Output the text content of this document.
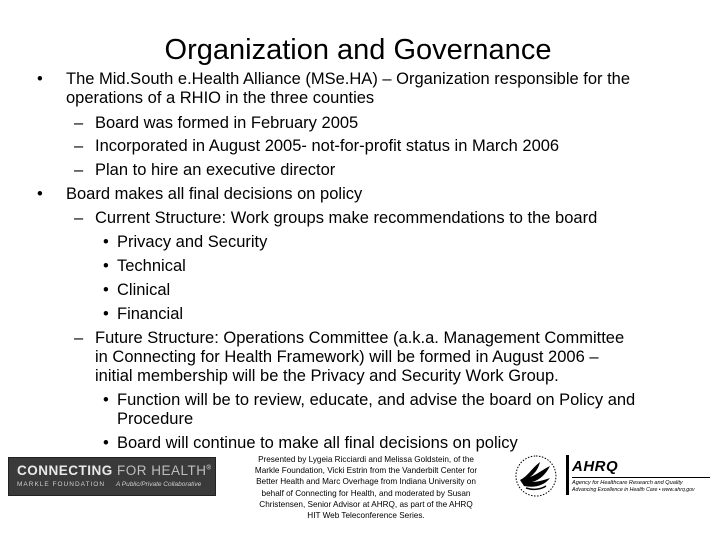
Organization and Governance
• The Mid.South e.Health Alliance (MSe.HA) – Organization responsible for the
operations of a RHIO in the three counties
– Board was formed in February 2005
– Incorporated in August 2005- not-for-profit status in March 2006
– Plan to hire an executive director
• Board makes all final decisions on policy
– Current Structure: Work groups make recommendations to the board
• Privacy and Security
• Technical
• Clinical
• Financial
– Future Structure: Operations Committee (a.k.a. Management Committee
in Connecting for Health Framework) will be formed in August 2006 –
initial membership will be the Privacy and Security Work Group.
• Function will be to review, educate, and advise the board on Policy and
Procedure
• Board will continue to make all final decisions on policy
CONNECTING FOR HEALTH®
MARKLE FOUNDATION A Public/Private Collaborative
Presented by Lygeia Ricciardi and Melissa Goldstein, of the
Markle Foundation, Vicki Estrin from the Vanderbilt Center for
Better Health and Marc Overhage from Indiana University on
behalf of Connecting for Health, and moderated by Susan
Christensen, Senior Advisor at AHRQ, as part of the AHRQ
HIT Web Teleconference Series.
AHRQ
Agency for Healthcare Research and Quality
Advancing Excellence in Health Care • www.ahrq.gov
